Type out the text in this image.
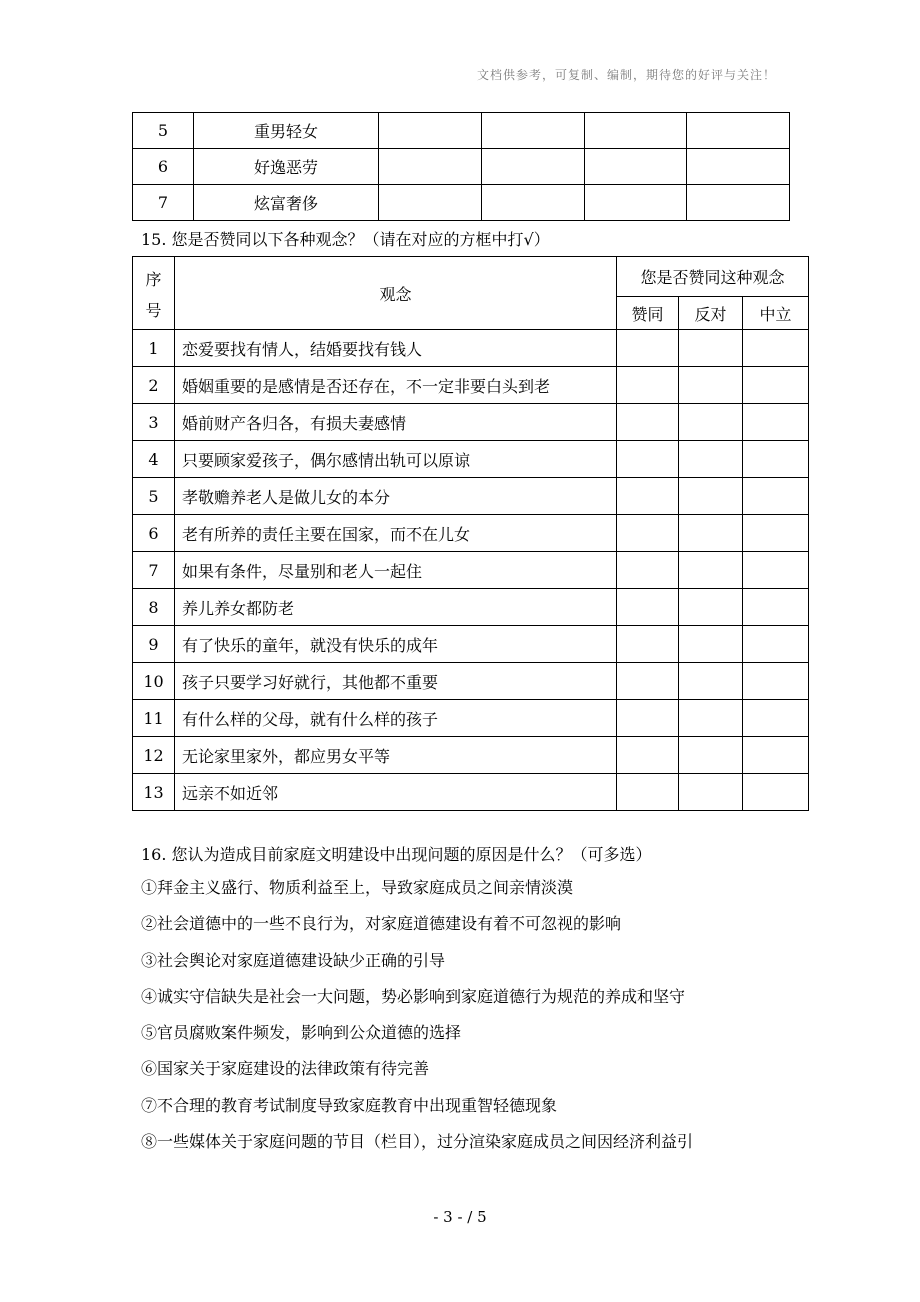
文档供参考，可复制、编制，期待您的好评与关注！
5	重男轻女				
6	好逸恶劳				
7	炫富奢侈				
15. 您是否赞同以下各种观念？（请在对应的方框中打√）
序
号	观念	您是否赞同这种观念		
		赞同	反对	中立
1	恋爱要找有情人，结婚要找有钱人			
2	婚姻重要的是感情是否还存在，不一定非要白头到老			
3	婚前财产各归各，有损夫妻感情			
4	只要顾家爱孩子，偶尔感情出轨可以原谅			
5	孝敬赡养老人是做儿女的本分			
6	老有所养的责任主要在国家，而不在儿女			
7	如果有条件，尽量别和老人一起住			
8	养儿养女都防老			
9	有了快乐的童年，就没有快乐的成年			
10	孩子只要学习好就行，其他都不重要			
11	有什么样的父母，就有什么样的孩子			
12	无论家里家外，都应男女平等			
13	远亲不如近邻			
16. 您认为造成目前家庭文明建设中出现问题的原因是什么？（可多选）
①拜金主义盛行、物质利益至上，导致家庭成员之间亲情淡漠
②社会道德中的一些不良行为，对家庭道德建设有着不可忽视的影响
③社会舆论对家庭道德建设缺少正确的引导
④诚实守信缺失是社会一大问题，势必影响到家庭道德行为规范的养成和坚守
⑤官员腐败案件频发，影响到公众道德的选择
⑥国家关于家庭建设的法律政策有待完善
⑦不合理的教育考试制度导致家庭教育中出现重智轻德现象
⑧一些媒体关于家庭问题的节目（栏目），过分渲染家庭成员之间因经济利益引
- 3 - / 5
